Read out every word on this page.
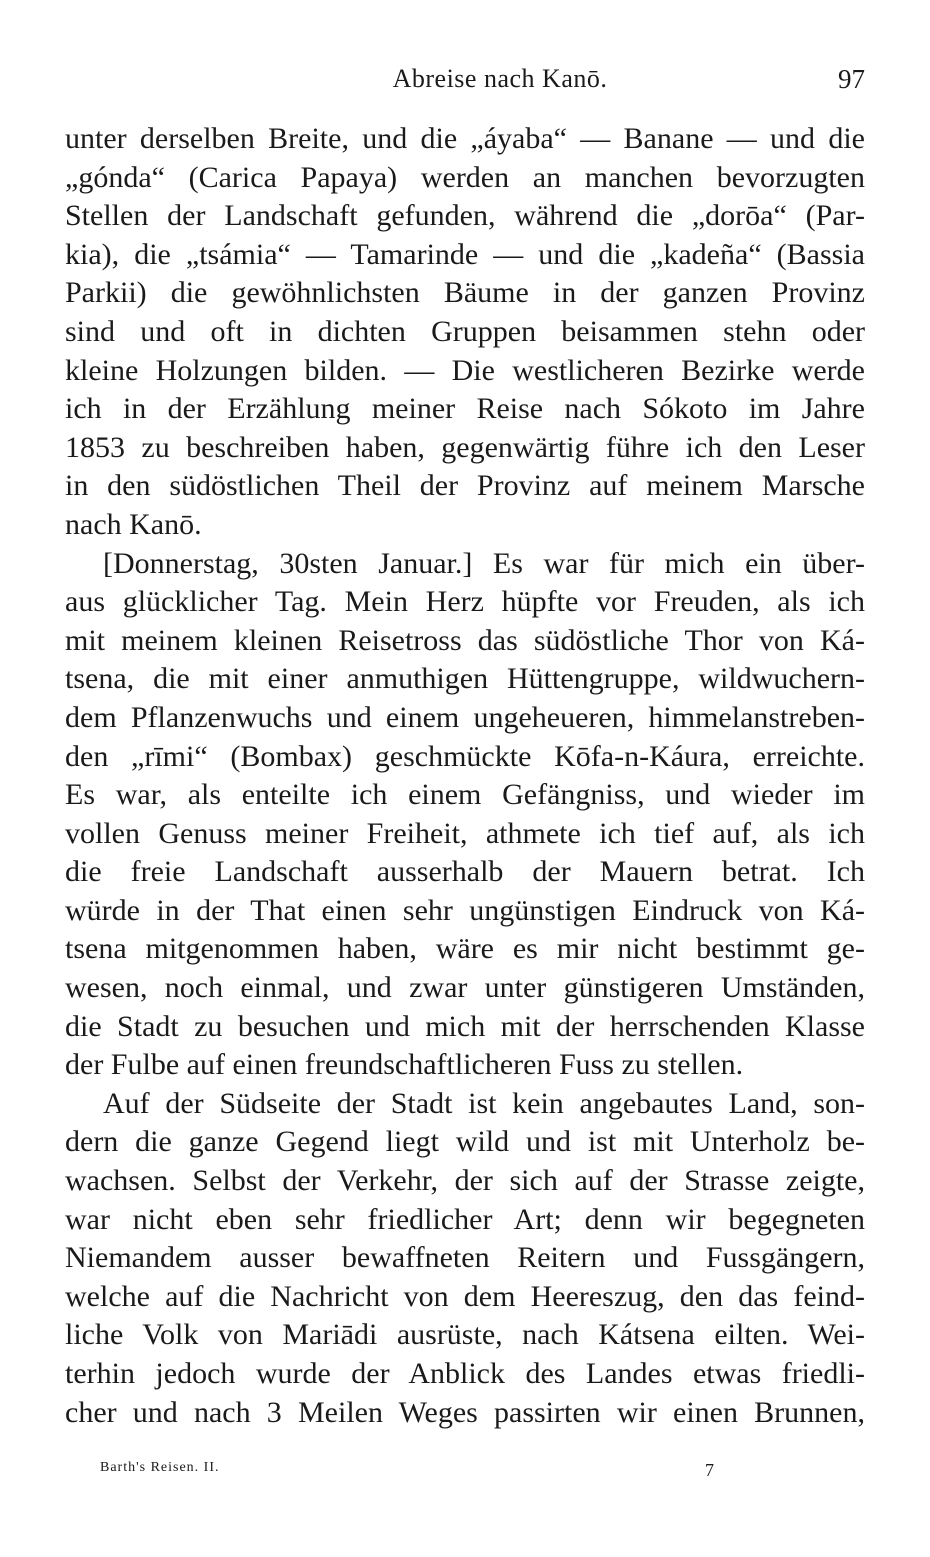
Abreise nach Kanō.	97
unter derselben Breite, und die „áyaba“ — Banane — und die
„gónda“ (Carica Papaya) werden an manchen bevorzugten
Stellen der Landschaft gefunden, während die „dorōa“ (Par-
kia), die „tsámia“ — Tamarinde — und die „kadeña“ (Bassia
Parkii) die gewöhnlichsten Bäume in der ganzen Provinz
sind und oft in dichten Gruppen beisammen stehn oder
kleine Holzungen bilden. — Die westlicheren Bezirke werde
ich in der Erzählung meiner Reise nach Sókoto im Jahre
1853 zu beschreiben haben, gegenwärtig führe ich den Leser
in den südöstlichen Theil der Provinz auf meinem Marsche
nach Kanō.
[Donnerstag, 30sten Januar.] Es war für mich ein über-
aus glücklicher Tag. Mein Herz hüpfte vor Freuden, als ich
mit meinem kleinen Reisetross das südöstliche Thor von Ká-
tsena, die mit einer anmuthigen Hüttengruppe, wildwuchern-
dem Pflanzenwuchs und einem ungeheueren, himmelanstreben-
den „rīmi“ (Bombax) geschmückte Kōfa-n-Káura, erreichte.
Es war, als enteilte ich einem Gefängniss, und wieder im
vollen Genuss meiner Freiheit, athmete ich tief auf, als ich
die freie Landschaft ausserhalb der Mauern betrat. Ich
würde in der That einen sehr ungünstigen Eindruck von Ká-
tsena mitgenommen haben, wäre es mir nicht bestimmt ge-
wesen, noch einmal, und zwar unter günstigeren Umständen,
die Stadt zu besuchen und mich mit der herrschenden Klasse
der Fulbe auf einen freundschaftlicheren Fuss zu stellen.
Auf der Südseite der Stadt ist kein angebautes Land, son-
dern die ganze Gegend liegt wild und ist mit Unterholz be-
wachsen. Selbst der Verkehr, der sich auf der Strasse zeigte,
war nicht eben sehr friedlicher Art; denn wir begegneten
Niemandem ausser bewaffneten Reitern und Fussgängern,
welche auf die Nachricht von dem Heereszug, den das feind-
liche Volk von Mariādi ausrüste, nach Kátsena eilten. Wei-
terhin jedoch wurde der Anblick des Landes etwas friedli-
cher und nach 3 Meilen Weges passirten wir einen Brunnen,
Barth's Reisen. II.	7
